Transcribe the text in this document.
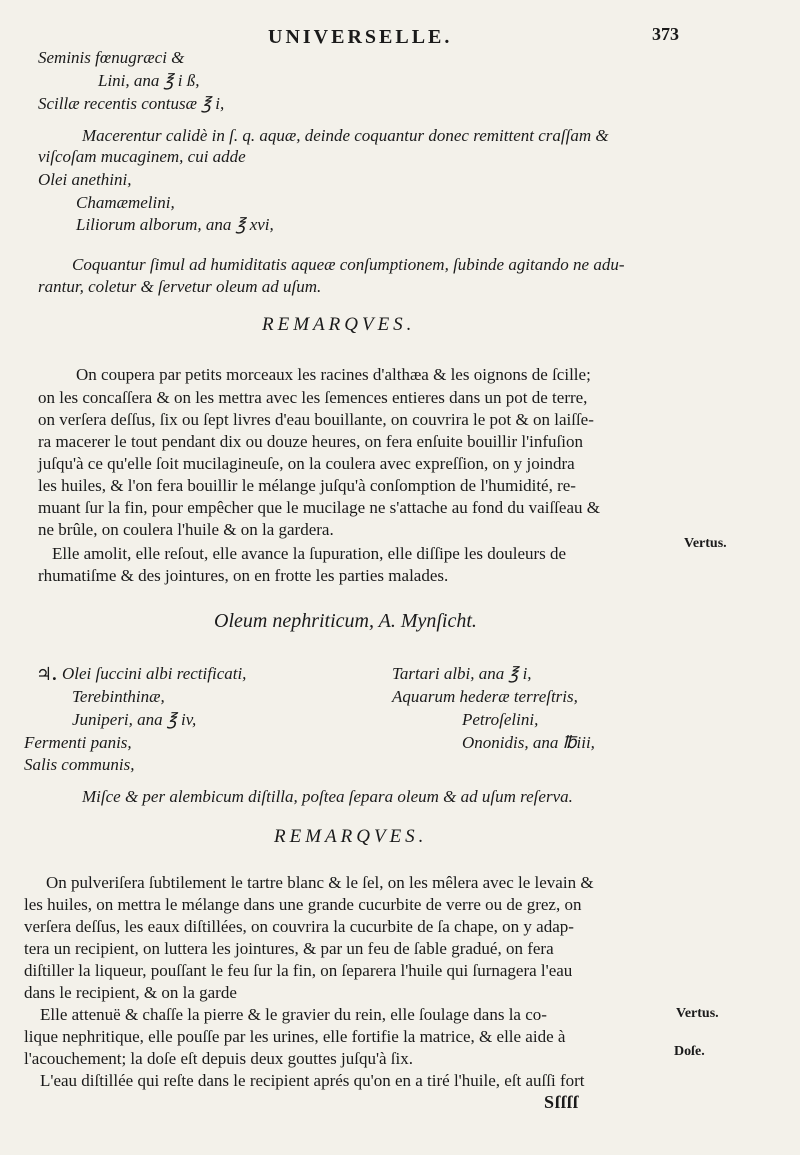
UNIVERSELLE.	373
Seminis fœnugræci &
Lini, ana ℥ i ß,
Scillæ recentis contusæ ℥ i,
Macerentur calidè in ſ. q. aquæ, deinde coquantur donec remittent craſſam &
viſcoſam mucaginem, cui adde
Olei anethini,
Chamæmelini,
Liliorum alborum, ana ℥ xvi,
Coquantur ſimul ad humiditatis aqueæ conſumptionem, ſubinde agitando ne adu-
rantur, coletur & ſervetur oleum ad uſum.
REMARQVES.
On coupera par petits morceaux les racines d'althæa & les oignons de ſcille;
on les concaſſera & on les mettra avec les ſemences entieres dans un pot de terre,
on verſera deſſus, ſix ou ſept livres d'eau bouillante, on couvrira le pot & on laiſſe-
ra macerer le tout pendant dix ou douze heures, on fera enſuite bouillir l'infuſion
juſqu'à ce qu'elle ſoit mucilagineuſe, on la coulera avec expreſſion, on y joindra
les huiles, & l'on fera bouillir le mélange juſqu'à conſomption de l'humidité, re-
muant ſur la fin, pour empêcher que le mucilage ne s'attache au fond du vaiſſeau &
ne brûle, on coulera l'huile & on la gardera.
Elle amolit, elle reſout, elle avance la ſupuration, elle diſſipe les douleurs de
rhumatiſme & des jointures, on en frotte les parties malades.
Vertus.
Oleum nephriticum, A. Mynſicht.
♃. Olei ſuccini albi rectificati,
Terebinthinæ,
Juniperi, ana ℥ iv,
Fermenti panis,
Salis communis,
Tartari albi, ana ℥ i,
Aquarum hederæ terreſtris,
Petroſelini,
Ononidis, ana ℔iii,
Miſce & per alembicum diſtilla, poſtea ſepara oleum & ad uſum reſerva.
REMARQVES.
On pulveriſera ſubtilement le tartre blanc & le ſel, on les mêlera avec le levain &
les huiles, on mettra le mélange dans une grande cucurbite de verre ou de grez, on
verſera deſſus, les eaux diſtillées, on couvrira la cucurbite de ſa chape, on y adap-
tera un recipient, on luttera les jointures, & par un feu de ſable gradué, on fera
diſtiller la liqueur, pouſſant le feu ſur la fin, on ſeparera l'huile qui ſurnagera l'eau
dans le recipient, & on la garde
Elle attenuë & chaſſe la pierre & le gravier du rein, elle ſoulage dans la co-
lique nephritique, elle pouſſe par les urines, elle fortifie la matrice, & elle aide à
l'acouchement; la doſe eſt depuis deux gouttes juſqu'à ſix.
L'eau diſtillée qui reſte dans le recipient aprés qu'on en a tiré l'huile, eſt auſſi fort
Vertus.
Doſe.
Sſſſſ
